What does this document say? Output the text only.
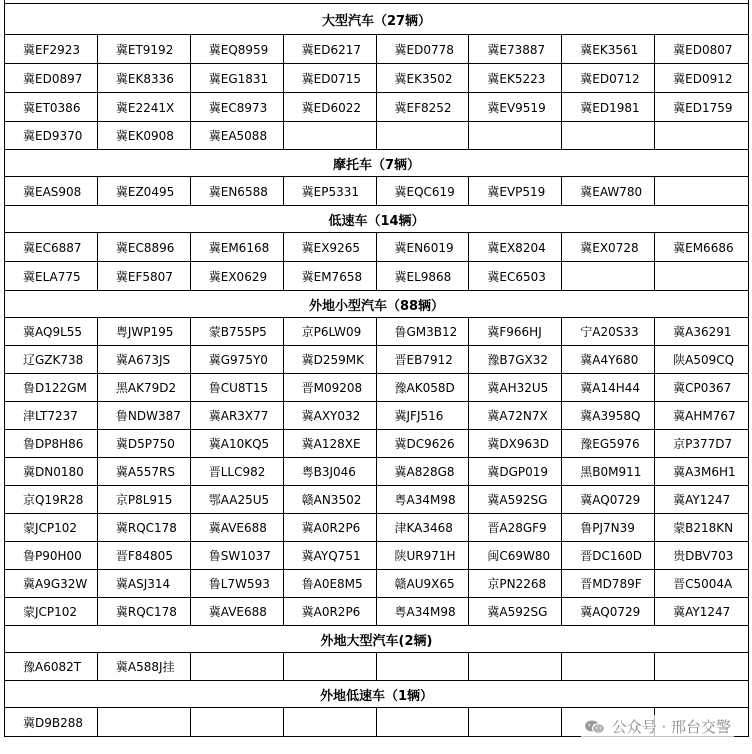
大型汽车（27辆）
冀EF2923	冀ET9192	冀EQ8959	冀ED6217	冀ED0778	冀E73887	冀EK3561	冀ED0807
冀ED0897	冀EK8336	冀EG1831	冀ED0715	冀EK3502	冀EK5223	冀ED0712	冀ED0912
冀ET0386	冀E2241X	冀EC8973	冀ED6022	冀EF8252	冀EV9519	冀ED1981	冀ED1759
冀ED9370	冀EK0908	冀EA5088
摩托车（7辆）
冀EAS908	冀EZ0495	冀EN6588	冀EP5331	冀EQC619	冀EVP519	冀EAW780
低速车（14辆）
冀EC6887	冀EC8896	冀EM6168	冀EX9265	冀EN6019	冀EX8204	冀EX0728	冀EM6686
冀ELA775	冀EF5807	冀EX0629	冀EM7658	冀EL9868	冀EC6503
外地小型汽车（88辆）
冀AQ9L55	粤JWP195	蒙B755P5	京P6LW09	鲁GM3B12	冀F966HJ	宁A20S33	冀A36291
辽GZK738	冀A673JS	冀G975Y0	冀D259MK	晋EB7912	豫B7GX32	冀A4Y680	陕A509CQ
鲁D122GM	黑AK79D2	鲁CU8T15	晋M09208	豫AK058D	冀AH32U5	冀A14H44	冀CP0367
津LT7237	鲁NDW387	冀AR3X77	冀AXY032	冀JFJ516	冀A72N7X	冀A3958Q	冀AHM767
鲁DP8H86	冀D5P750	冀A10KQ5	冀A128XE	冀DC9626	冀DX963D	豫EG5976	京P377D7
冀DN0180	冀A557RS	晋LLC982	粤B3J046	冀A828G8	冀DGP019	黑B0M911	冀A3M6H1
京Q19R28	京P8L915	鄂AA25U5	赣AN3502	粤A34M98	冀A592SG	冀AQ0729	冀AY1247
蒙JCP102	冀RQC178	冀AVE688	冀A0R2P6	津KA3468	晋A28GF9	鲁PJ7N39	蒙B218KN
鲁P90H00	晋F84805	鲁SW1037	冀AYQ751	陕UR971H	闽C69W80	晋DC160D	贵DBV703
冀A9G32W	冀ASJ314	鲁L7W593	鲁A0E8M5	赣AU9X65	京PN2268	晋MD789F	晋C5004A
蒙JCP102	冀RQC178	冀AVE688	冀A0R2P6	粤A34M98	冀A592SG	冀AQ0729	冀AY1247
外地大型汽车(2辆)
豫A6082T	冀A588J挂
外地低速车（1辆）
冀D9B288	公众号 · 邢台交警
